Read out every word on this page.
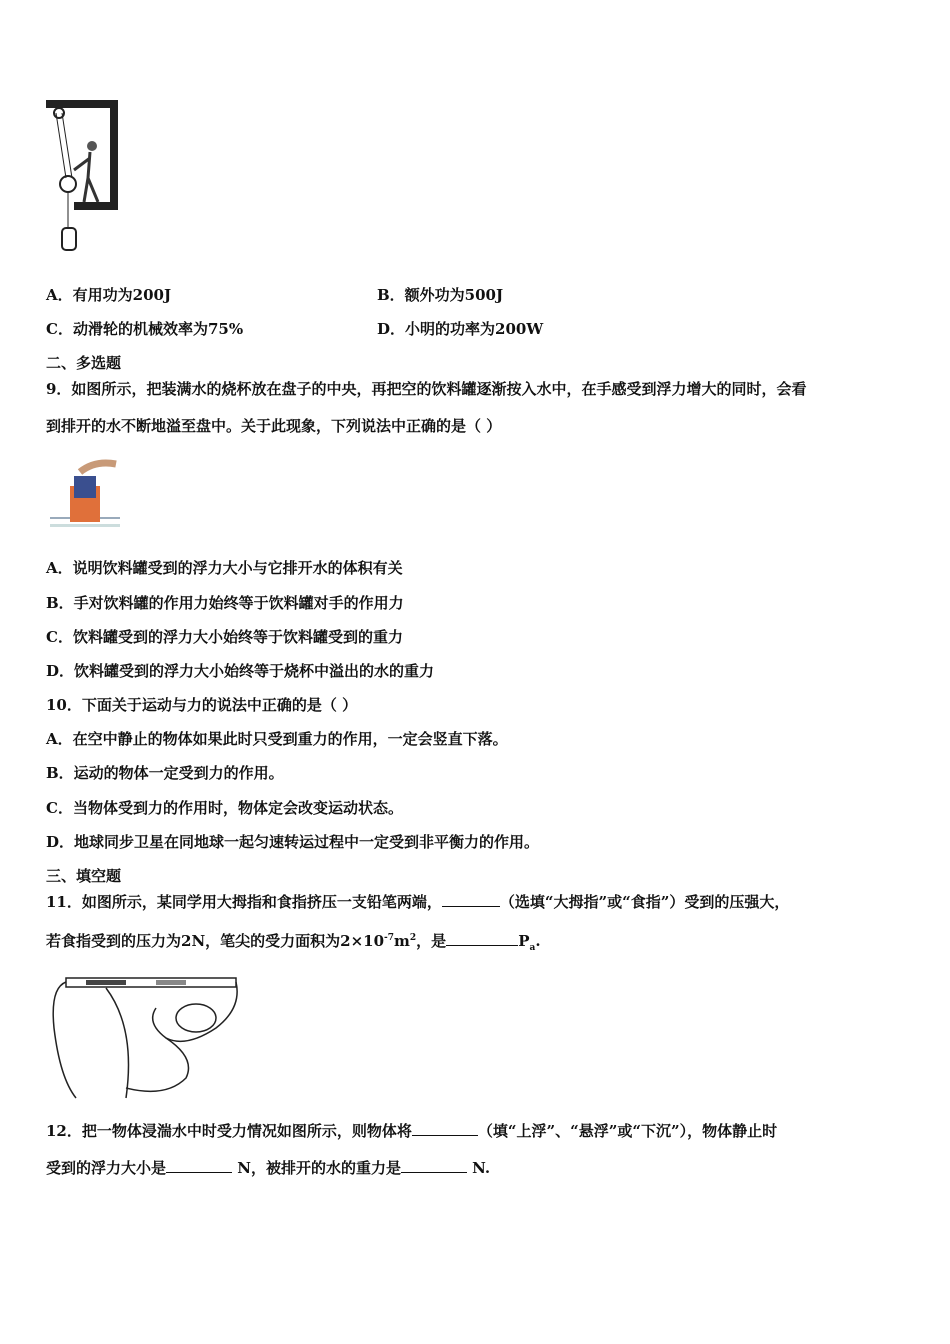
A．有用功为200J	B．额外功为500J
C．动滑轮的机械效率为75%	D．小明的功率为200W
二、多选题
9．如图所示，把装满水的烧杯放在盘子的中央，再把空的饮料罐逐渐按入水中，在手感受到浮力增大的同时，会看
到排开的水不断地溢至盘中。关于此现象，下列说法中正确的是（ ）
A．说明饮料罐受到的浮力大小与它排开水的体积有关
B．手对饮料罐的作用力始终等于饮料罐对手的作用力
C．饮料罐受到的浮力大小始终等于饮料罐受到的重力
D．饮料罐受到的浮力大小始终等于烧杯中溢出的水的重力
10．下面关于运动与力的说法中正确的是（ ）
A．在空中静止的物体如果此时只受到重力的作用，一定会竖直下落。
B．运动的物体一定受到力的作用。
C．当物体受到力的作用时，物体定会改变运动状态。
D．地球同步卫星在同地球一起匀速转运过程中一定受到非平衡力的作用。
三、填空题
11．如图所示，某同学用大拇指和食指挤压一支铅笔两端，	（选填“大拇指”或“食指”）受到的压强大，
若食指受到的压力为2N，笔尖的受力面积为$2\times 10^{-7}m^2$，是	$P_a$.
12．把一物体浸湍水中时受力情况如图所示，则物体将	（填“上浮”、“悬浮”或“下沉”），物体静止时
受到的浮力大小是	N，被排开的水的重力是	N.
